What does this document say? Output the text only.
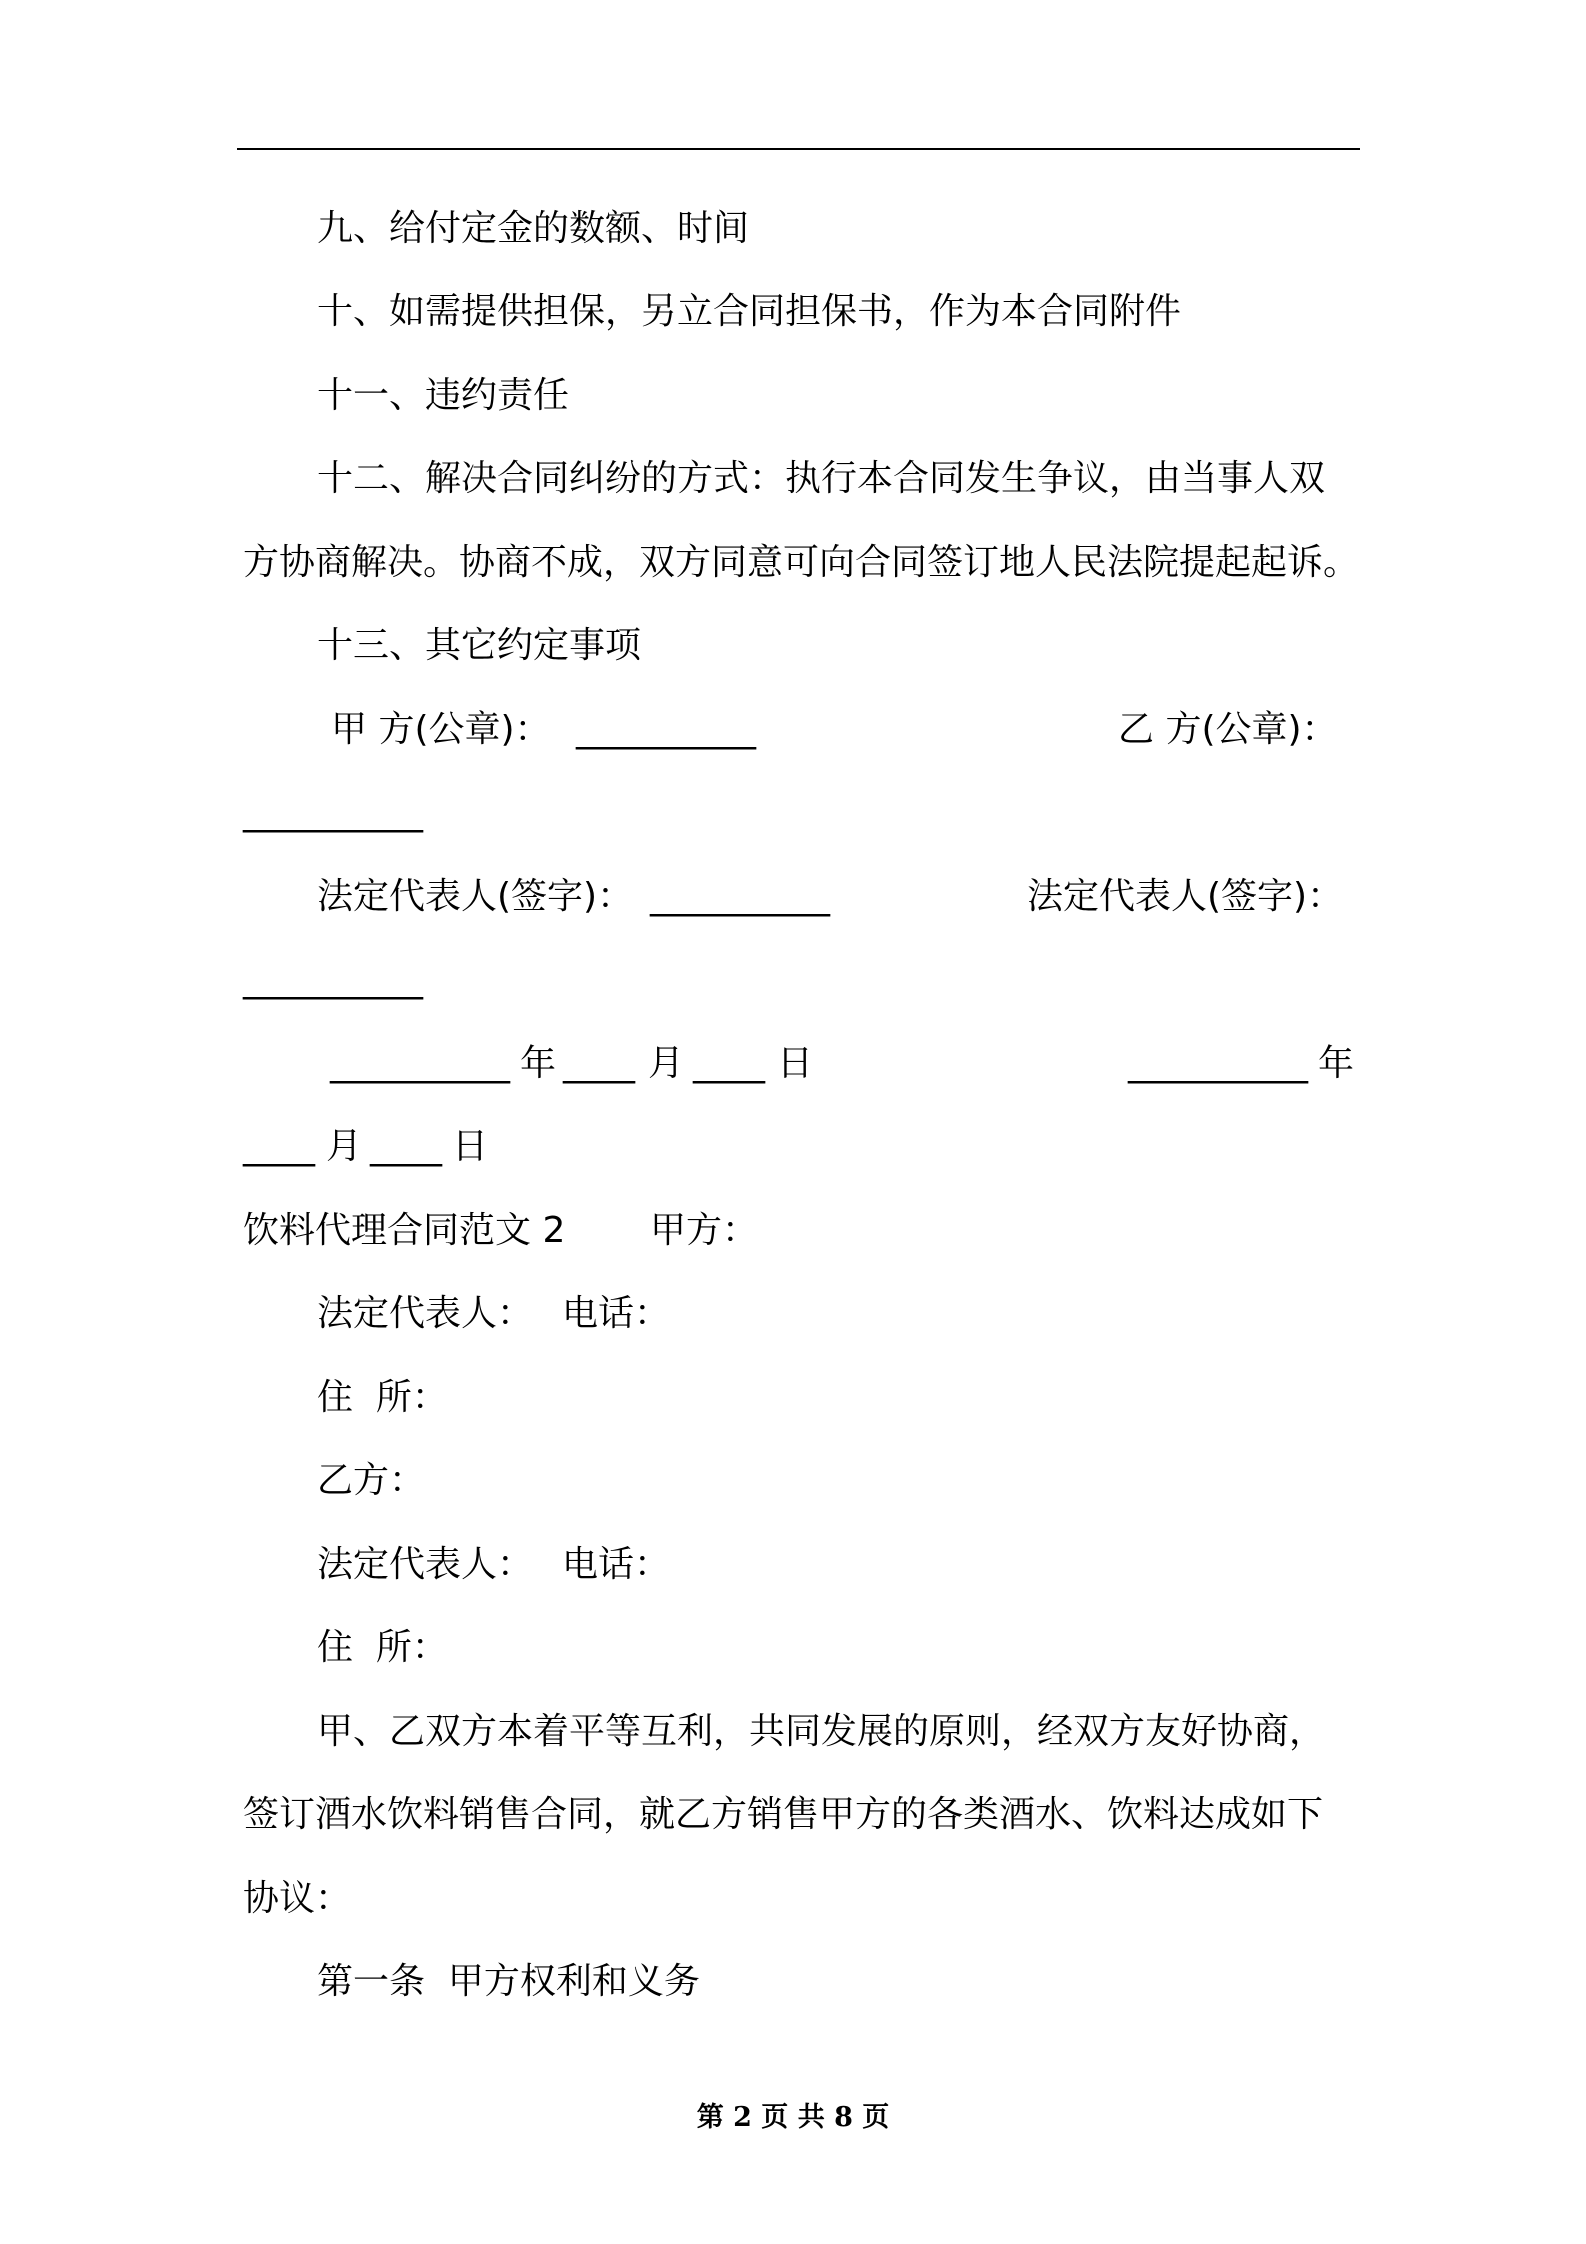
九、给付定金的数额、时间

十、如需提供担保，另立合同担保书，作为本合同附件

十一、违约责任

十二、解决合同纠纷的方式：执行本合同发生争议，由当事人双

方协商解决。协商不成，双方同意可向合同签订地人民法院提起起诉。

十三、其它约定事项

甲 方(公章)： __________	乙 方(公章)：

__________

法定代表人(签字)： __________	法定代表人(签字)：

__________

__________ 年 ____ 月 ____ 日	__________ 年

____ 月 ____ 日

饮料代理合同范文 2 甲方：

法定代表人： 电话：

住  所：

乙方：

法定代表人： 电话：

住  所：

甲、乙双方本着平等互利，共同发展的原则，经双方友好协商，

签订酒水饮料销售合同，就乙方销售甲方的各类酒水、饮料达成如下

协议：

第一条  甲方权利和义务

第 2 页 共 8 页
